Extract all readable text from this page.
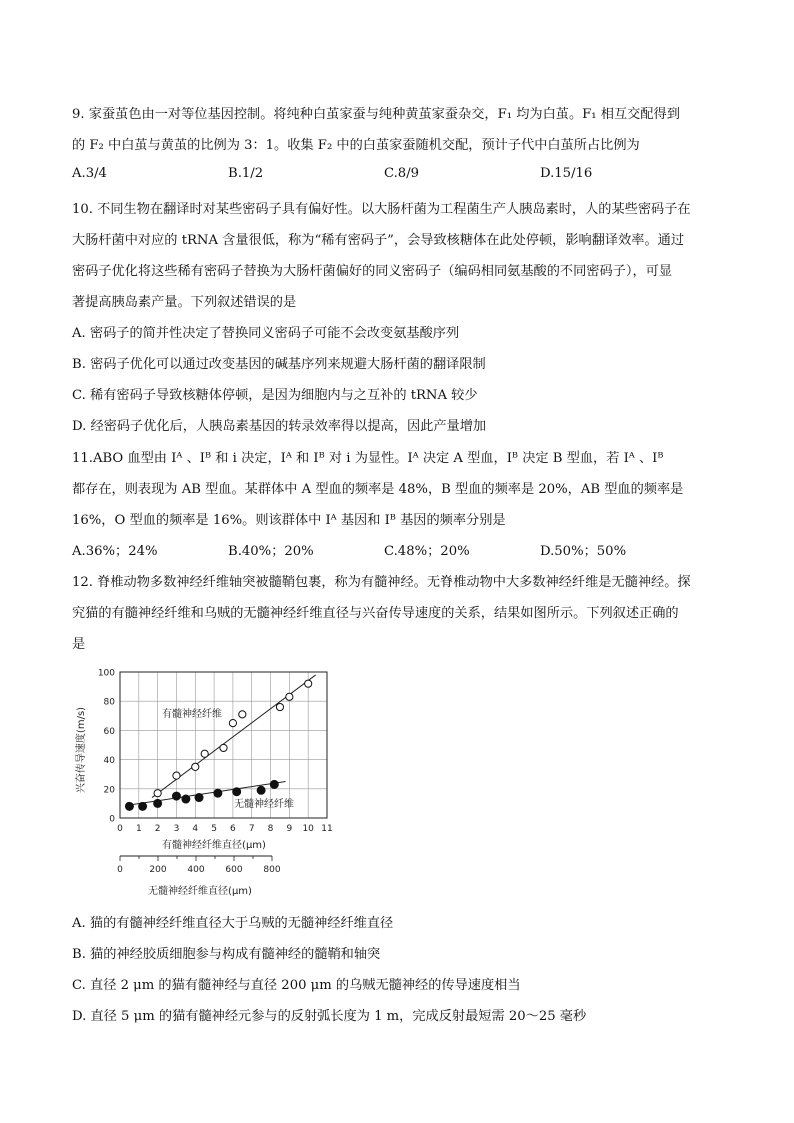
9. 家蚕茧色由一对等位基因控制。将纯种白茧家蚕与纯种黄茧家蚕杂交，F₁ 均为白茧。F₁ 相互交配得到
的 F₂ 中白茧与黄茧的比例为 3：1。收集 F₂ 中的白茧家蚕随机交配，预计子代中白茧所占比例为
A.3/4	B.1/2	C.8/9	D.15/16
10. 不同生物在翻译时对某些密码子具有偏好性。以大肠杆菌为工程菌生产人胰岛素时，人的某些密码子在
大肠杆菌中对应的 tRNA 含量很低，称为“稀有密码子”，会导致核糖体在此处停顿，影响翻译效率。通过
密码子优化将这些稀有密码子替换为大肠杆菌偏好的同义密码子（编码相同氨基酸的不同密码子），可显
著提高胰岛素产量。下列叙述错误的是
A. 密码子的简并性决定了替换同义密码子可能不会改变氨基酸序列
B. 密码子优化可以通过改变基因的碱基序列来规避大肠杆菌的翻译限制
C. 稀有密码子导致核糖体停顿，是因为细胞内与之互补的 tRNA 较少
D. 经密码子优化后，人胰岛素基因的转录效率得以提高，因此产量增加
11.ABO 血型由 Iᴬ 、Iᴮ 和 i 决定，Iᴬ 和 Iᴮ 对 i 为显性。Iᴬ 决定 A 型血，Iᴮ 决定 B 型血，若 Iᴬ 、Iᴮ
都存在，则表现为 AB 型血。某群体中 A 型血的频率是 48%，B 型血的频率是 20%，AB 型血的频率是
16%，O 型血的频率是 16%。则该群体中 Iᴬ 基因和 Iᴮ 基因的频率分别是
A.36%；24%	B.40%；20%	C.48%；20%	D.50%；50%
12. 脊椎动物多数神经纤维轴突被髓鞘包裹，称为有髓神经。无脊椎动物中大多数神经纤维是无髓神经。探
究猫的有髓神经纤维和乌贼的无髓神经纤维直径与兴奋传导速度的关系，结果如图所示。下列叙述正确的
是
0
20
40
60
80
100
0 1 2 3 4 5 6 7 8 9 10 11
0	200 400 600 800
兴奋传导速度(m/s)
有髓神经纤维直径(μm)
无髓神经纤维直径(μm)
有髓神经纤维
无髓神经纤维
A. 猫的有髓神经纤维直径大于乌贼的无髓神经纤维直径
B. 猫的神经胶质细胞参与构成有髓神经的髓鞘和轴突
C. 直径 2 μm 的猫有髓神经与直径 200 μm 的乌贼无髓神经的传导速度相当
D. 直径 5 μm 的猫有髓神经元参与的反射弧长度为 1 m，完成反射最短需 20～25 毫秒
